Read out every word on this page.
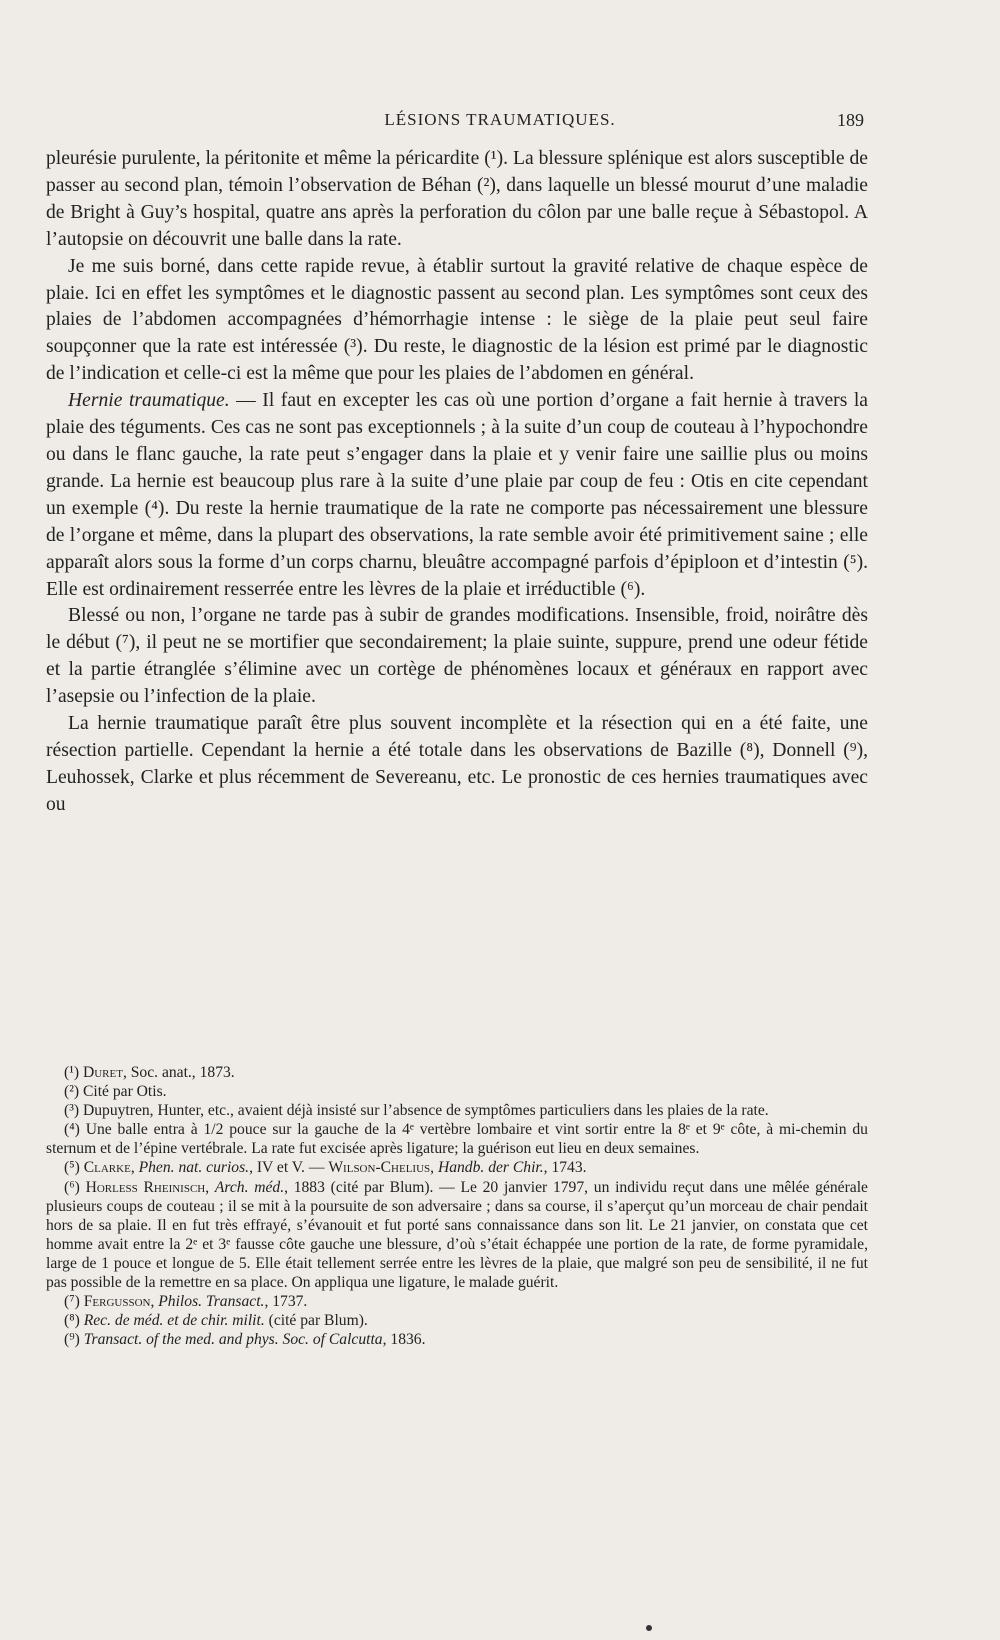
LÉSIONS TRAUMATIQUES.	189

pleurésie purulente, la péritonite et même la péricardite (¹). La blessure splénique est alors susceptible de passer au second plan, témoin l’observation de Béhan (²), dans laquelle un blessé mourut d’une maladie de Bright à Guy’s hospital, quatre ans après la perforation du côlon par une balle reçue à Sébastopol. A l’autopsie on découvrit une balle dans la rate.

Je me suis borné, dans cette rapide revue, à établir surtout la gravité relative de chaque espèce de plaie. Ici en effet les symptômes et le diagnostic passent au second plan. Les symptômes sont ceux des plaies de l’abdomen accompagnées d’hémorrhagie intense : le siège de la plaie peut seul faire soupçonner que la rate est intéressée (³). Du reste, le diagnostic de la lésion est primé par le diagnostic de l’indication et celle-ci est la même que pour les plaies de l’abdomen en général.

Hernie traumatique. — Il faut en excepter les cas où une portion d’organe a fait hernie à travers la plaie des téguments. Ces cas ne sont pas exceptionnels ; à la suite d’un coup de couteau à l’hypochondre ou dans le flanc gauche, la rate peut s’engager dans la plaie et y venir faire une saillie plus ou moins grande. La hernie est beaucoup plus rare à la suite d’une plaie par coup de feu : Otis en cite cependant un exemple (⁴). Du reste la hernie traumatique de la rate ne comporte pas nécessairement une blessure de l’organe et même, dans la plupart des observations, la rate semble avoir été primitivement saine ; elle apparaît alors sous la forme d’un corps charnu, bleuâtre accompagné parfois d’épiploon et d’intestin (⁵). Elle est ordinairement resserrée entre les lèvres de la plaie et irréductible (⁶).

Blessé ou non, l’organe ne tarde pas à subir de grandes modifications. Insensible, froid, noirâtre dès le début (⁷), il peut ne se mortifier que secondairement; la plaie suinte, suppure, prend une odeur fétide et la partie étranglée s’élimine avec un cortège de phénomènes locaux et généraux en rapport avec l’asepsie ou l’infection de la plaie.

La hernie traumatique paraît être plus souvent incomplète et la résection qui en a été faite, une résection partielle. Cependant la hernie a été totale dans les observations de Bazille (⁸), Donnell (⁹), Leuhossek, Clarke et plus récemment de Severeanu, etc. Le pronostic de ces hernies traumatiques avec ou

(¹) Duret, Soc. anat., 1873.

(²) Cité par Otis.

(³) Dupuytren, Hunter, etc., avaient déjà insisté sur l’absence de symptômes particuliers dans les plaies de la rate.

(⁴) Une balle entra à 1/2 pouce sur la gauche de la 4ᵉ vertèbre lombaire et vint sortir entre la 8ᵉ et 9ᵉ côte, à mi-chemin du sternum et de l’épine vertébrale. La rate fut excisée après ligature; la guérison eut lieu en deux semaines.

(⁵) Clarke, Phen. nat. curios., IV et V. — Wilson-Chelius, Handb. der Chir., 1743.

(⁶) Horless Rheinisch, Arch. méd., 1883 (cité par Blum). — Le 20 janvier 1797, un individu reçut dans une mêlée générale plusieurs coups de couteau ; il se mit à la poursuite de son adversaire ; dans sa course, il s’aperçut qu’un morceau de chair pendait hors de sa plaie. Il en fut très effrayé, s’évanouit et fut porté sans connaissance dans son lit. Le 21 janvier, on constata que cet homme avait entre la 2ᵉ et 3ᵉ fausse côte gauche une blessure, d’où s’était échappée une portion de la rate, de forme pyramidale, large de 1 pouce et longue de 5. Elle était tellement serrée entre les lèvres de la plaie, que malgré son peu de sensibilité, il ne fut pas possible de la remettre en sa place. On appliqua une ligature, le malade guérit.

(⁷) Fergusson, Philos. Transact., 1737.

(⁸) Rec. de méd. et de chir. milit. (cité par Blum).

(⁹) Transact. of the med. and phys. Soc. of Calcutta, 1836.
